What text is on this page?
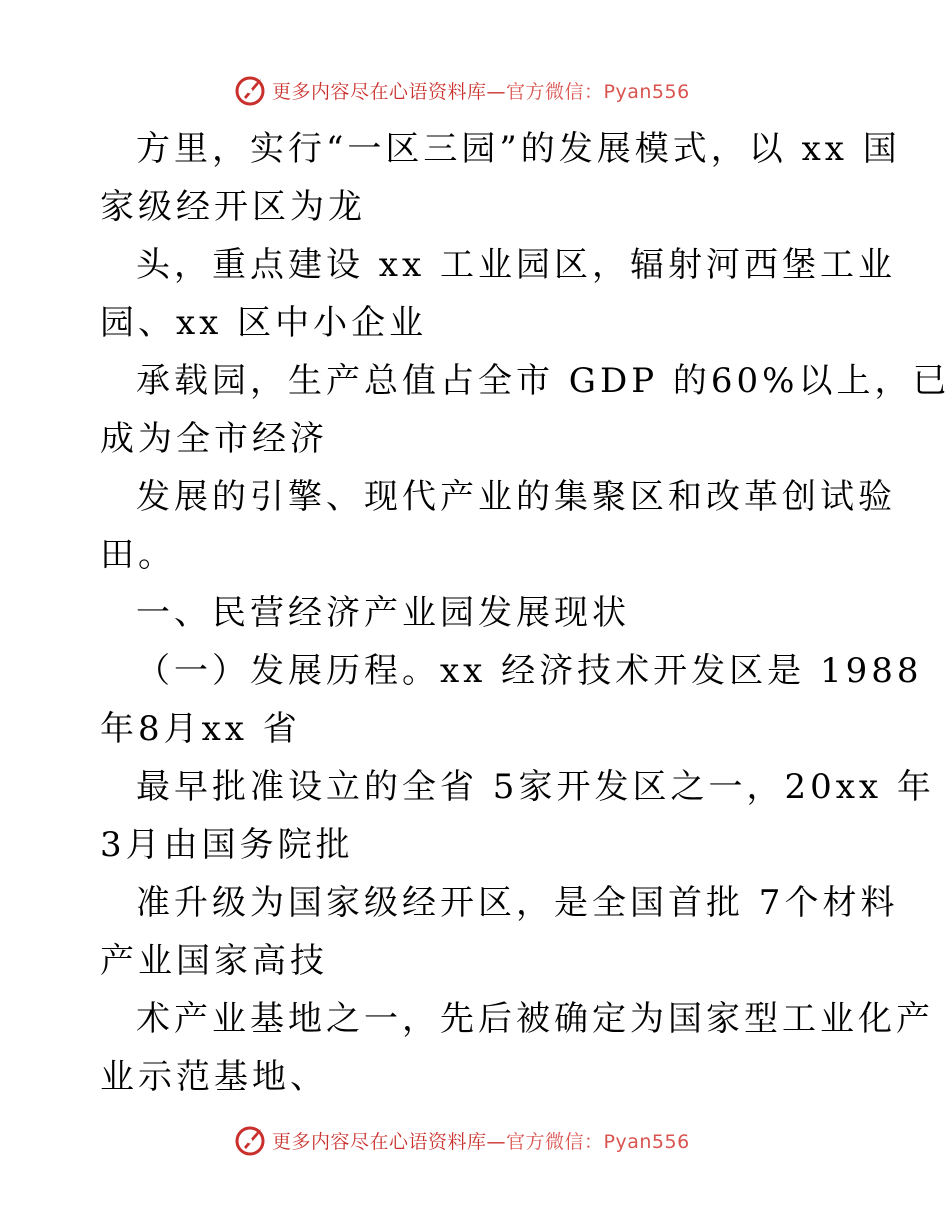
更多内容尽在心语资料库—官方微信：Pyan556
方里，实行“一区三园”的发展模式，以 xx 国
家级经开区为龙
头，重点建设 xx 工业园区，辐射河西堡工业
园、xx 区中小企业
承载园，生产总值占全市 GDP 的60%以上，已
成为全市经济
发展的引擎、现代产业的集聚区和改革创试验
田。
一、民营经济产业园发展现状
（一）发展历程。xx 经济技术开发区是 1988
年8月xx 省
最早批准设立的全省 5家开发区之一，20xx 年
3月由国务院批
准升级为国家级经开区，是全国首批 7个材料
产业国家高技
术产业基地之一，先后被确定为国家型工业化产
业示范基地、
更多内容尽在心语资料库—官方微信：Pyan556
